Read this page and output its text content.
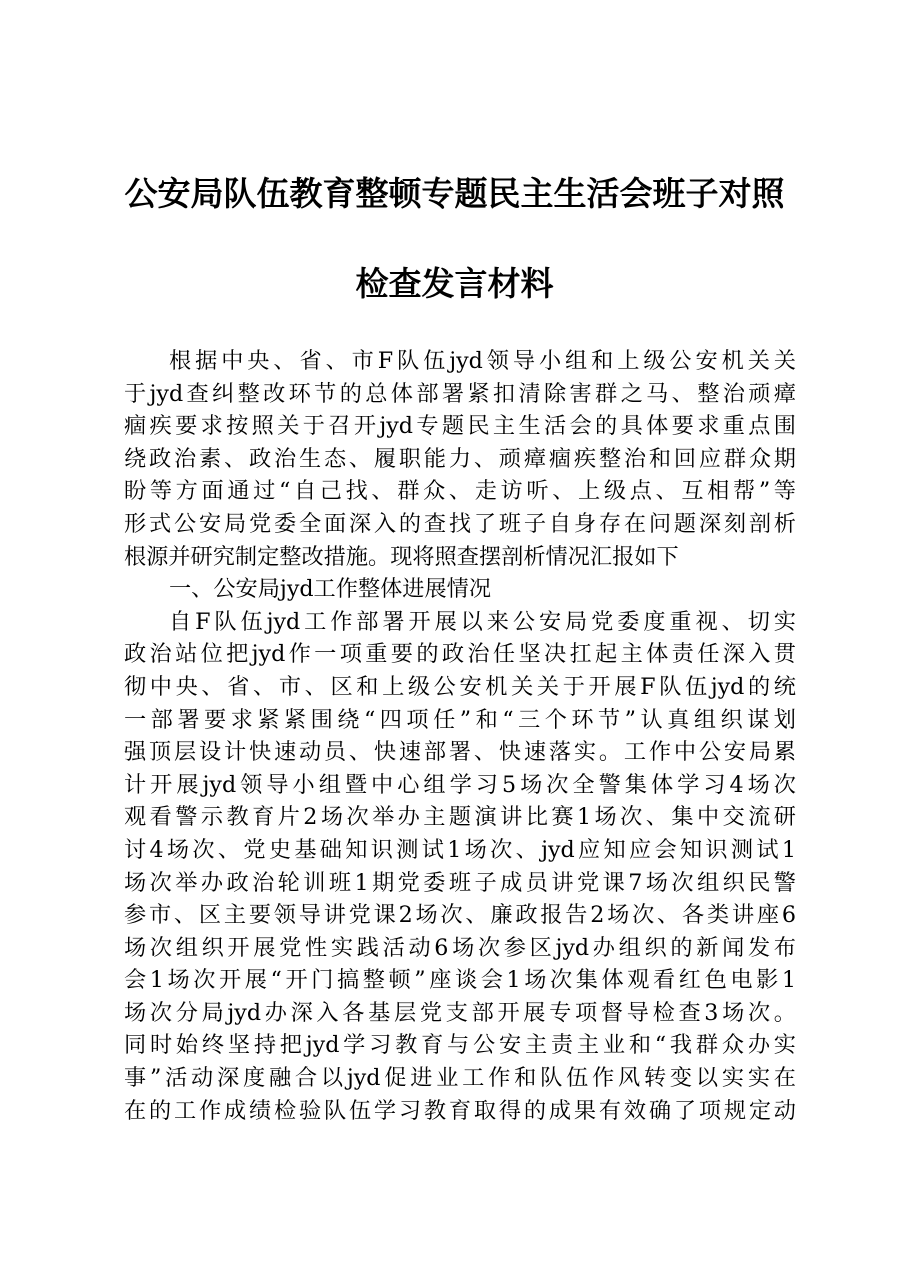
公安局队伍教育整顿专题民主生活会班子对照
检查发言材料
根据中央、省、市F队伍jyd领导小组和上级公安机关关
于jyd查纠整改环节的总体部署紧扣清除害群之马、整治顽瘴
痼疾要求按照关于召开jyd专题民主生活会的具体要求重点围
绕政治素、政治生态、履职能力、顽瘴痼疾整治和回应群众期
盼等方面通过“自己找、群众、走访听、上级点、互相帮”等
形式公安局党委全面深入的查找了班子自身存在问题深刻剖析
根源并研究制定整改措施。现将照查摆剖析情况汇报如下
一、公安局jyd工作整体进展情况
自F队伍jyd工作部署开展以来公安局党委度重视、切实
政治站位把jyd作一项重要的政治任坚决扛起主体责任深入贯
彻中央、省、市、区和上级公安机关关于开展F队伍jyd的统
一部署要求紧紧围绕“四项任”和“三个环节”认真组织谋划
强顶层设计快速动员、快速部署、快速落实。工作中公安局累
计开展jyd领导小组暨中心组学习5场次全警集体学习4场次
观看警示教育片2场次举办主题演讲比赛1场次、集中交流研
讨4场次、党史基础知识测试1场次、jyd应知应会知识测试1
场次举办政治轮训班1期党委班子成员讲党课7场次组织民警
参市、区主要领导讲党课2场次、廉政报告2场次、各类讲座6
场次组织开展党性实践活动6场次参区jyd办组织的新闻发布
会1场次开展“开门搞整顿”座谈会1场次集体观看红色电影1
场次分局jyd办深入各基层党支部开展专项督导检查3场次。
同时始终坚持把jyd学习教育与公安主责主业和“我群众办实
事”活动深度融合以jyd促进业工作和队伍作风转变以实实在
在的工作成绩检验队伍学习教育取得的成果有效确了项规定动
